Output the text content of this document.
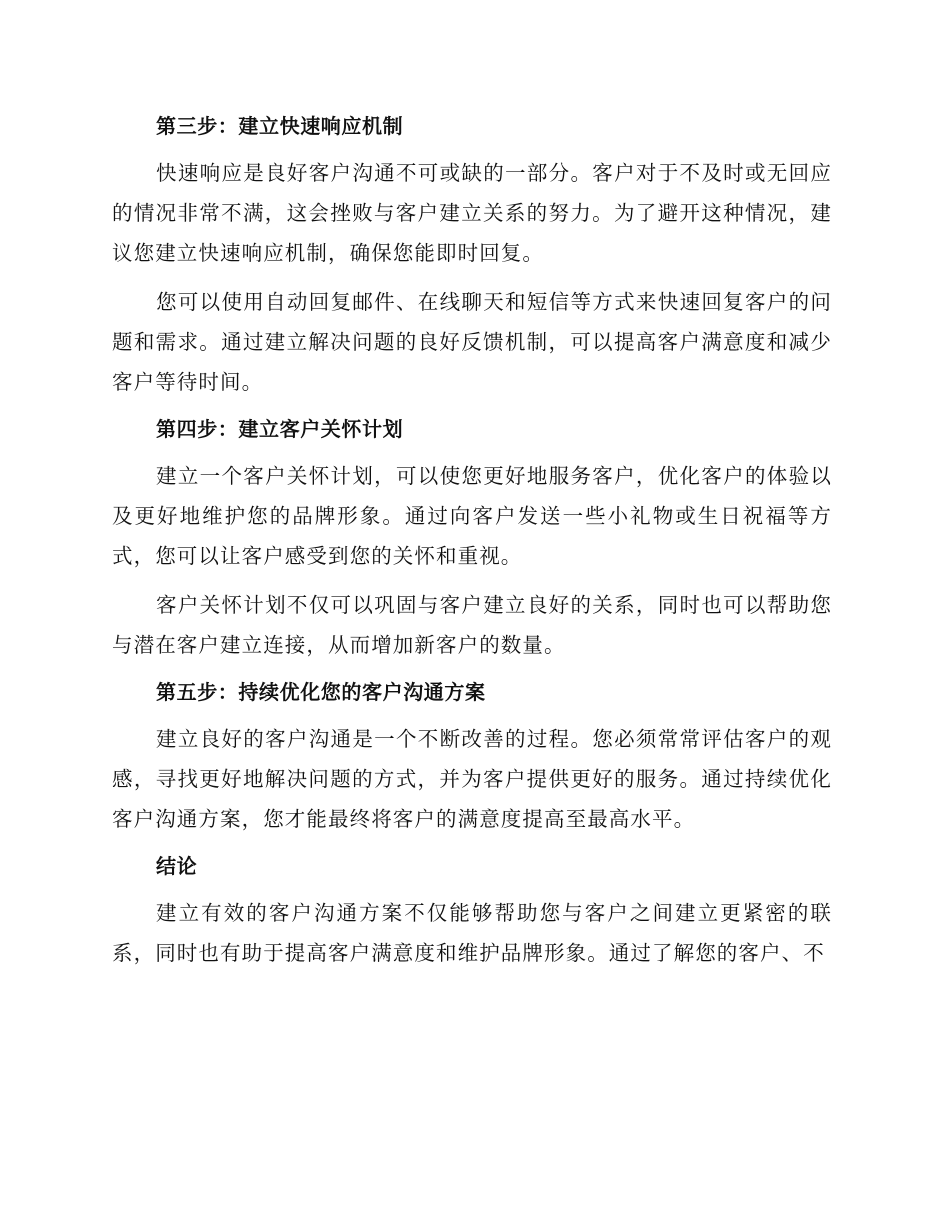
第三步：建立快速响应机制

快速响应是良好客户沟通不可或缺的一部分。客户对于不及时或无回应的情况非常不满，这会挫败与客户建立关系的努力。为了避开这种情况，建议您建立快速响应机制，确保您能即时回复。

您可以使用自动回复邮件、在线聊天和短信等方式来快速回复客户的问题和需求。通过建立解决问题的良好反馈机制，可以提高客户满意度和减少客户等待时间。

第四步：建立客户关怀计划

建立一个客户关怀计划，可以使您更好地服务客户，优化客户的体验以及更好地维护您的品牌形象。通过向客户发送一些小礼物或生日祝福等方式，您可以让客户感受到您的关怀和重视。

客户关怀计划不仅可以巩固与客户建立良好的关系，同时也可以帮助您与潜在客户建立连接，从而增加新客户的数量。

第五步：持续优化您的客户沟通方案

建立良好的客户沟通是一个不断改善的过程。您必须常常评估客户的观感，寻找更好地解决问题的方式，并为客户提供更好的服务。通过持续优化客户沟通方案，您才能最终将客户的满意度提高至最高水平。

结论

建立有效的客户沟通方案不仅能够帮助您与客户之间建立更紧密的联系，同时也有助于提高客户满意度和维护品牌形象。通过了解您的客户、不
